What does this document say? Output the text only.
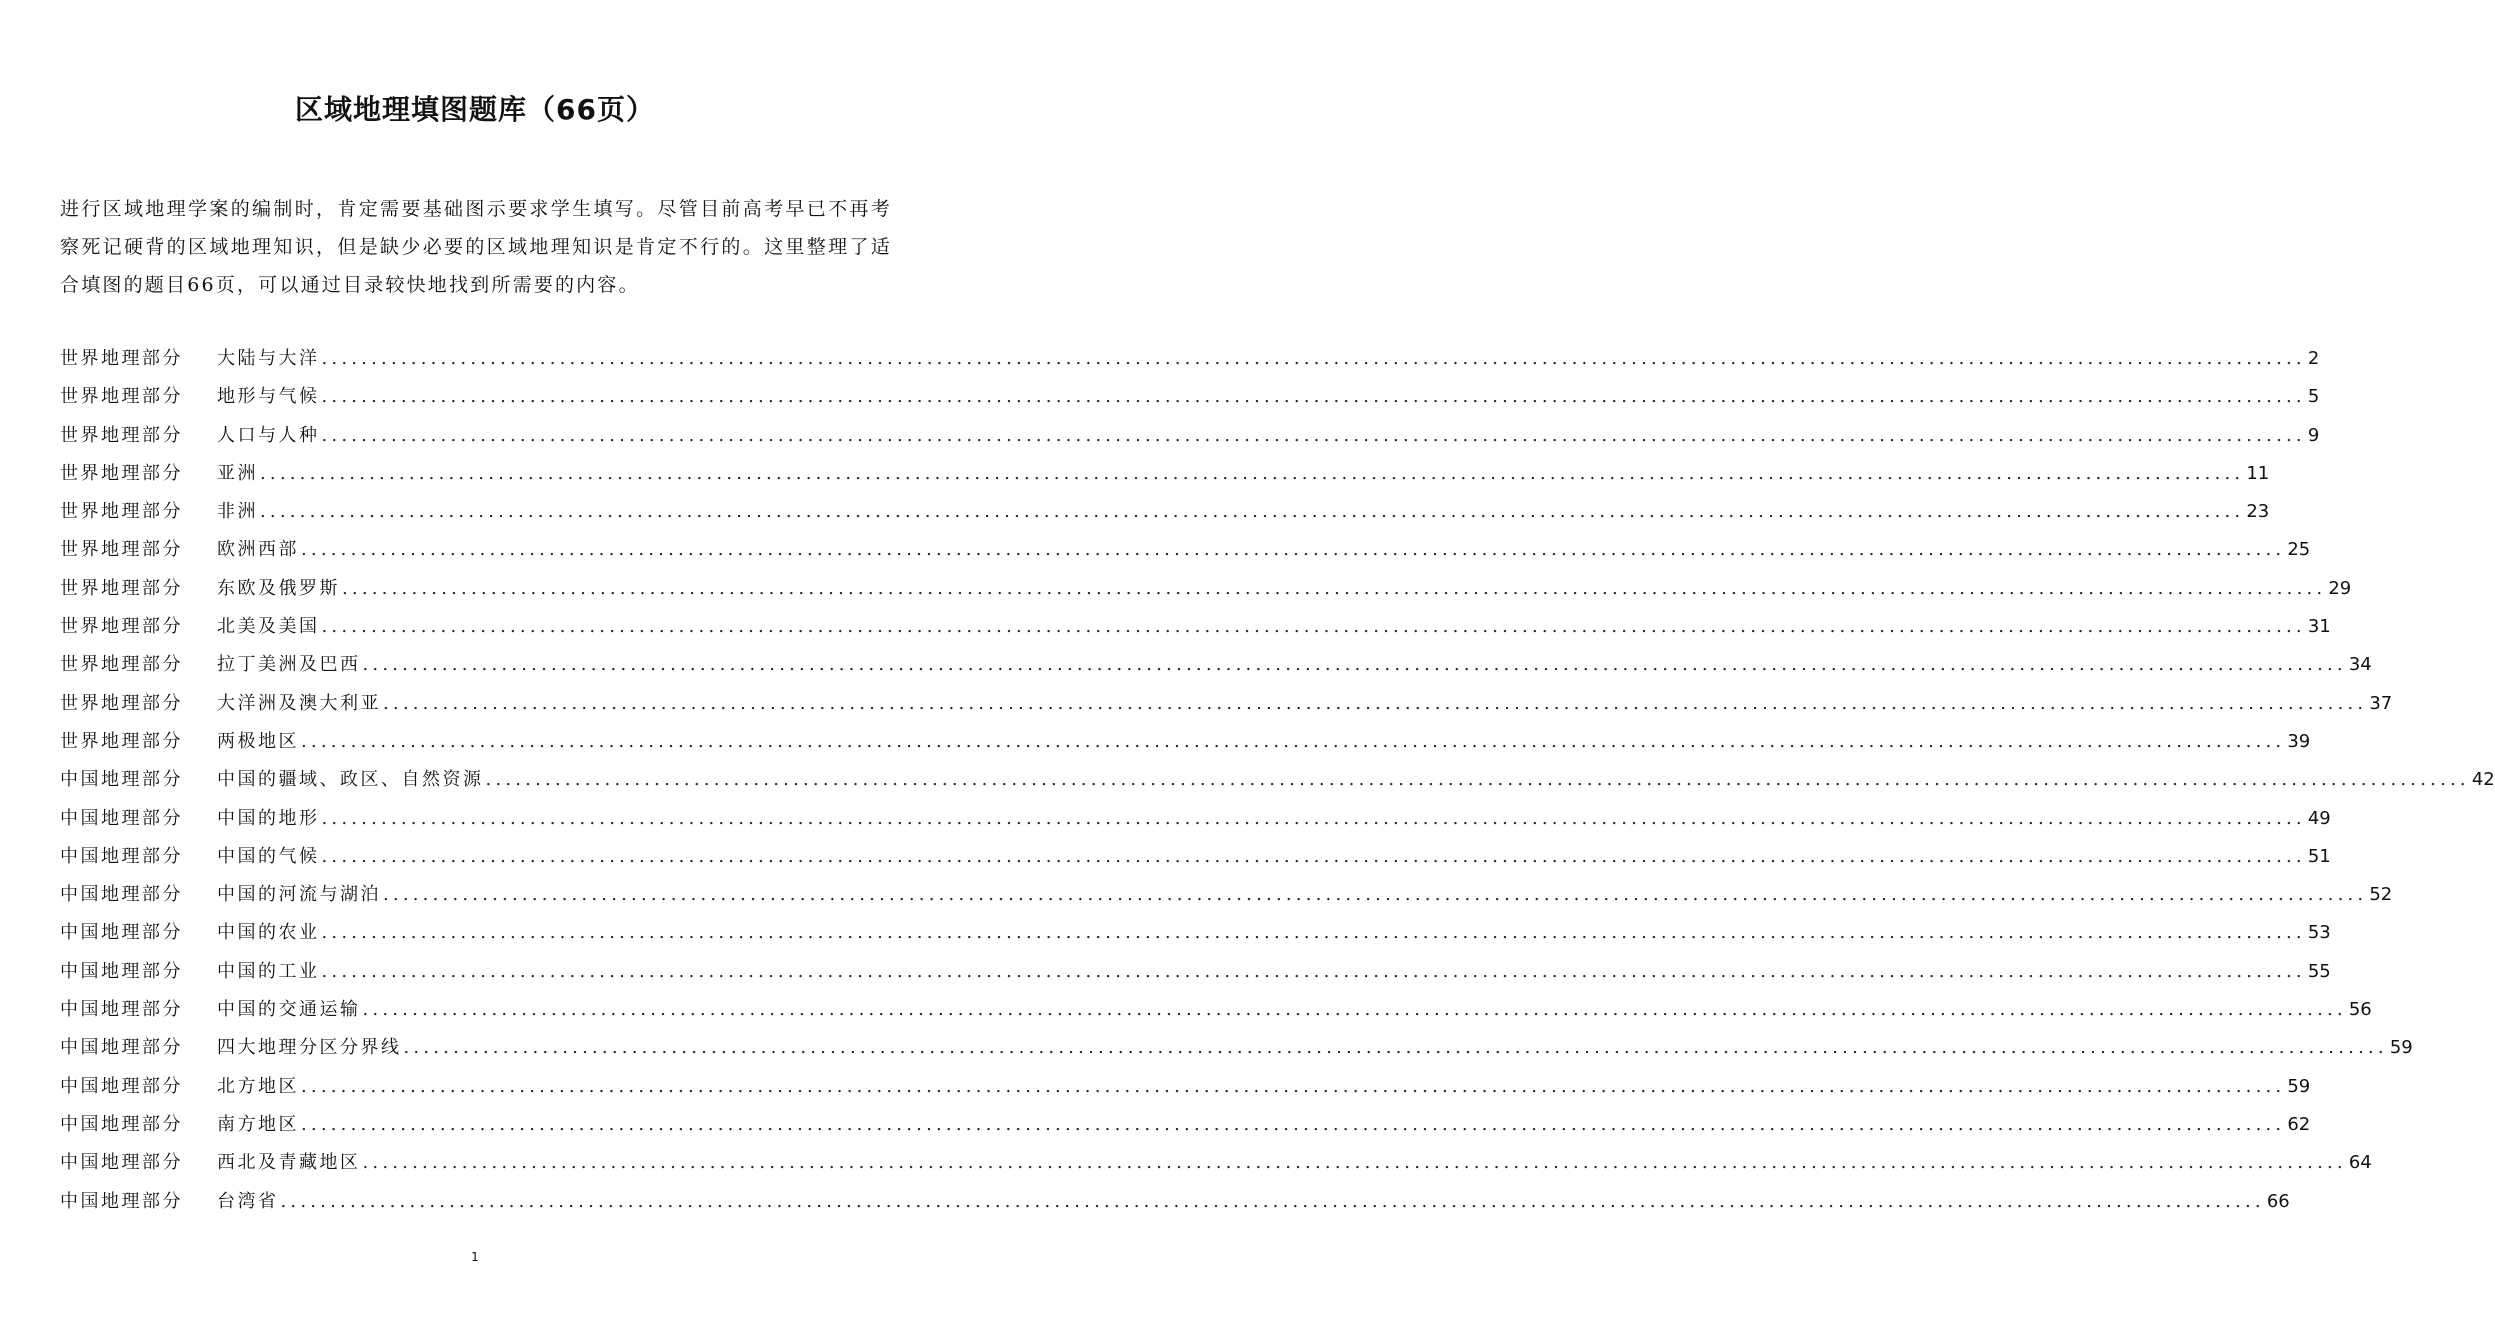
区域地理填图题库（66页）

进行区域地理学案的编制时，肯定需要基础图示要求学生填写。尽管目前高考早已不再考察死记硬背的区域地理知识，但是缺少必要的区域地理知识是肯定不行的。这里整理了适合填图的题目66页，可以通过目录较快地找到所需要的内容。

世界地理部分	大陆与大洋 ........................................................................................................................................................................................................ 2
世界地理部分	地形与气候 ........................................................................................................................................................................................................ 5
世界地理部分	人口与人种 ........................................................................................................................................................................................................ 9
世界地理部分	亚洲 ........................................................................................................................................................................................................ 11
世界地理部分	非洲 ........................................................................................................................................................................................................ 23
世界地理部分	欧洲西部 ........................................................................................................................................................................................................ 25
世界地理部分	东欧及俄罗斯 ........................................................................................................................................................................................................ 29
世界地理部分	北美及美国 ........................................................................................................................................................................................................ 31
世界地理部分	拉丁美洲及巴西 ........................................................................................................................................................................................................ 34
世界地理部分	大洋洲及澳大利亚 ........................................................................................................................................................................................................ 37
世界地理部分	两极地区 ........................................................................................................................................................................................................ 39
中国地理部分	中国的疆域、政区、自然资源 ........................................................................................................................................................................................................ 42
中国地理部分	中国的地形 ........................................................................................................................................................................................................ 49
中国地理部分	中国的气候 ........................................................................................................................................................................................................ 51
中国地理部分	中国的河流与湖泊 ........................................................................................................................................................................................................ 52
中国地理部分	中国的农业 ........................................................................................................................................................................................................ 53
中国地理部分	中国的工业 ........................................................................................................................................................................................................ 55
中国地理部分	中国的交通运输 ........................................................................................................................................................................................................ 56
中国地理部分	四大地理分区分界线 ........................................................................................................................................................................................................ 59
中国地理部分	北方地区 ........................................................................................................................................................................................................ 59
中国地理部分	南方地区 ........................................................................................................................................................................................................ 62
中国地理部分	西北及青藏地区 ........................................................................................................................................................................................................ 64
中国地理部分	台湾省 ........................................................................................................................................................................................................ 66
1
